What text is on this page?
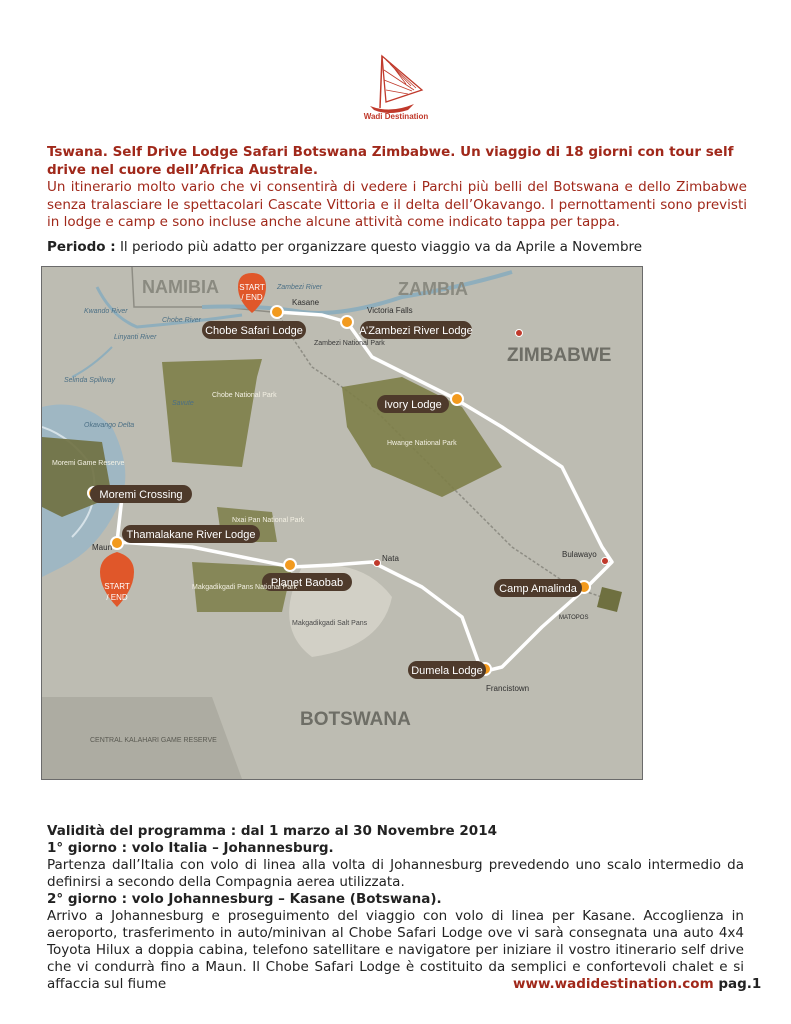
Wadi Destination

Tswana. Self Drive Lodge Safari Botswana Zimbabwe. Un viaggio di 18 giorni con tour self drive nel cuore dell’Africa Australe.

Un itinerario molto vario che vi consentirà di vedere i Parchi più belli del Botswana e dello Zimbabwe senza tralasciare le spettacolari Cascate Vittoria e il delta dell’Okavango. I pernottamenti sono previsti in lodge e camp e sono incluse anche alcune attività come indicato tappa per tappa.

Periodo : Il periodo più adatto per organizzare questo viaggio va da Aprile a Novembre
NAMIBIA	ZAMBIA
ZIMBABWE
BOTSWANA
START
/ END
START
/ END
Chobe Safari Lodge	A’Zambezi River Lodge
Ivory Lodge
Moremi Crossing
Thamalakane River Lodge
Planet Baobab	Camp Amalinda
Dumela Lodge
Kasane
Victoria Falls
Maun
Nata	Bulawayo
Francistown
MATOPOS
Zambezi National Park
Chobe National Park
Hwange National Park
Moremi Game Reserve
Nxai Pan National Park
Makgadikgadi Pans National Park
Makgadikgadi Salt Pans
CENTRAL KALAHARI GAME RESERVE
Zambezi River
Kwando River
Chobe River
Linyanti River
Selinda Spillway
Savute
Okavango Delta

Validità del programma : dal 1 marzo al 30 Novembre 2014

1° giorno : volo Italia – Johannesburg.

Partenza dall’Italia con volo di linea alla volta di Johannesburg prevedendo uno scalo intermedio da definirsi a secondo della Compagnia aerea utilizzata.

2° giorno : volo Johannesburg – Kasane (Botswana).

Arrivo a Johannesburg e proseguimento del viaggio con volo di linea per Kasane. Accoglienza in aeroporto, trasferimento in auto/minivan al Chobe Safari Lodge ove vi sarà consegnata una auto 4x4 Toyota Hilux a doppia cabina, telefono satellitare e navigatore per iniziare il vostro itinerario self drive che vi condurrà fino a Maun. Il Chobe Safari Lodge è costituito da semplici e confortevoli chalet e si affaccia sul fiume	www.wadidestination.com pag.1
